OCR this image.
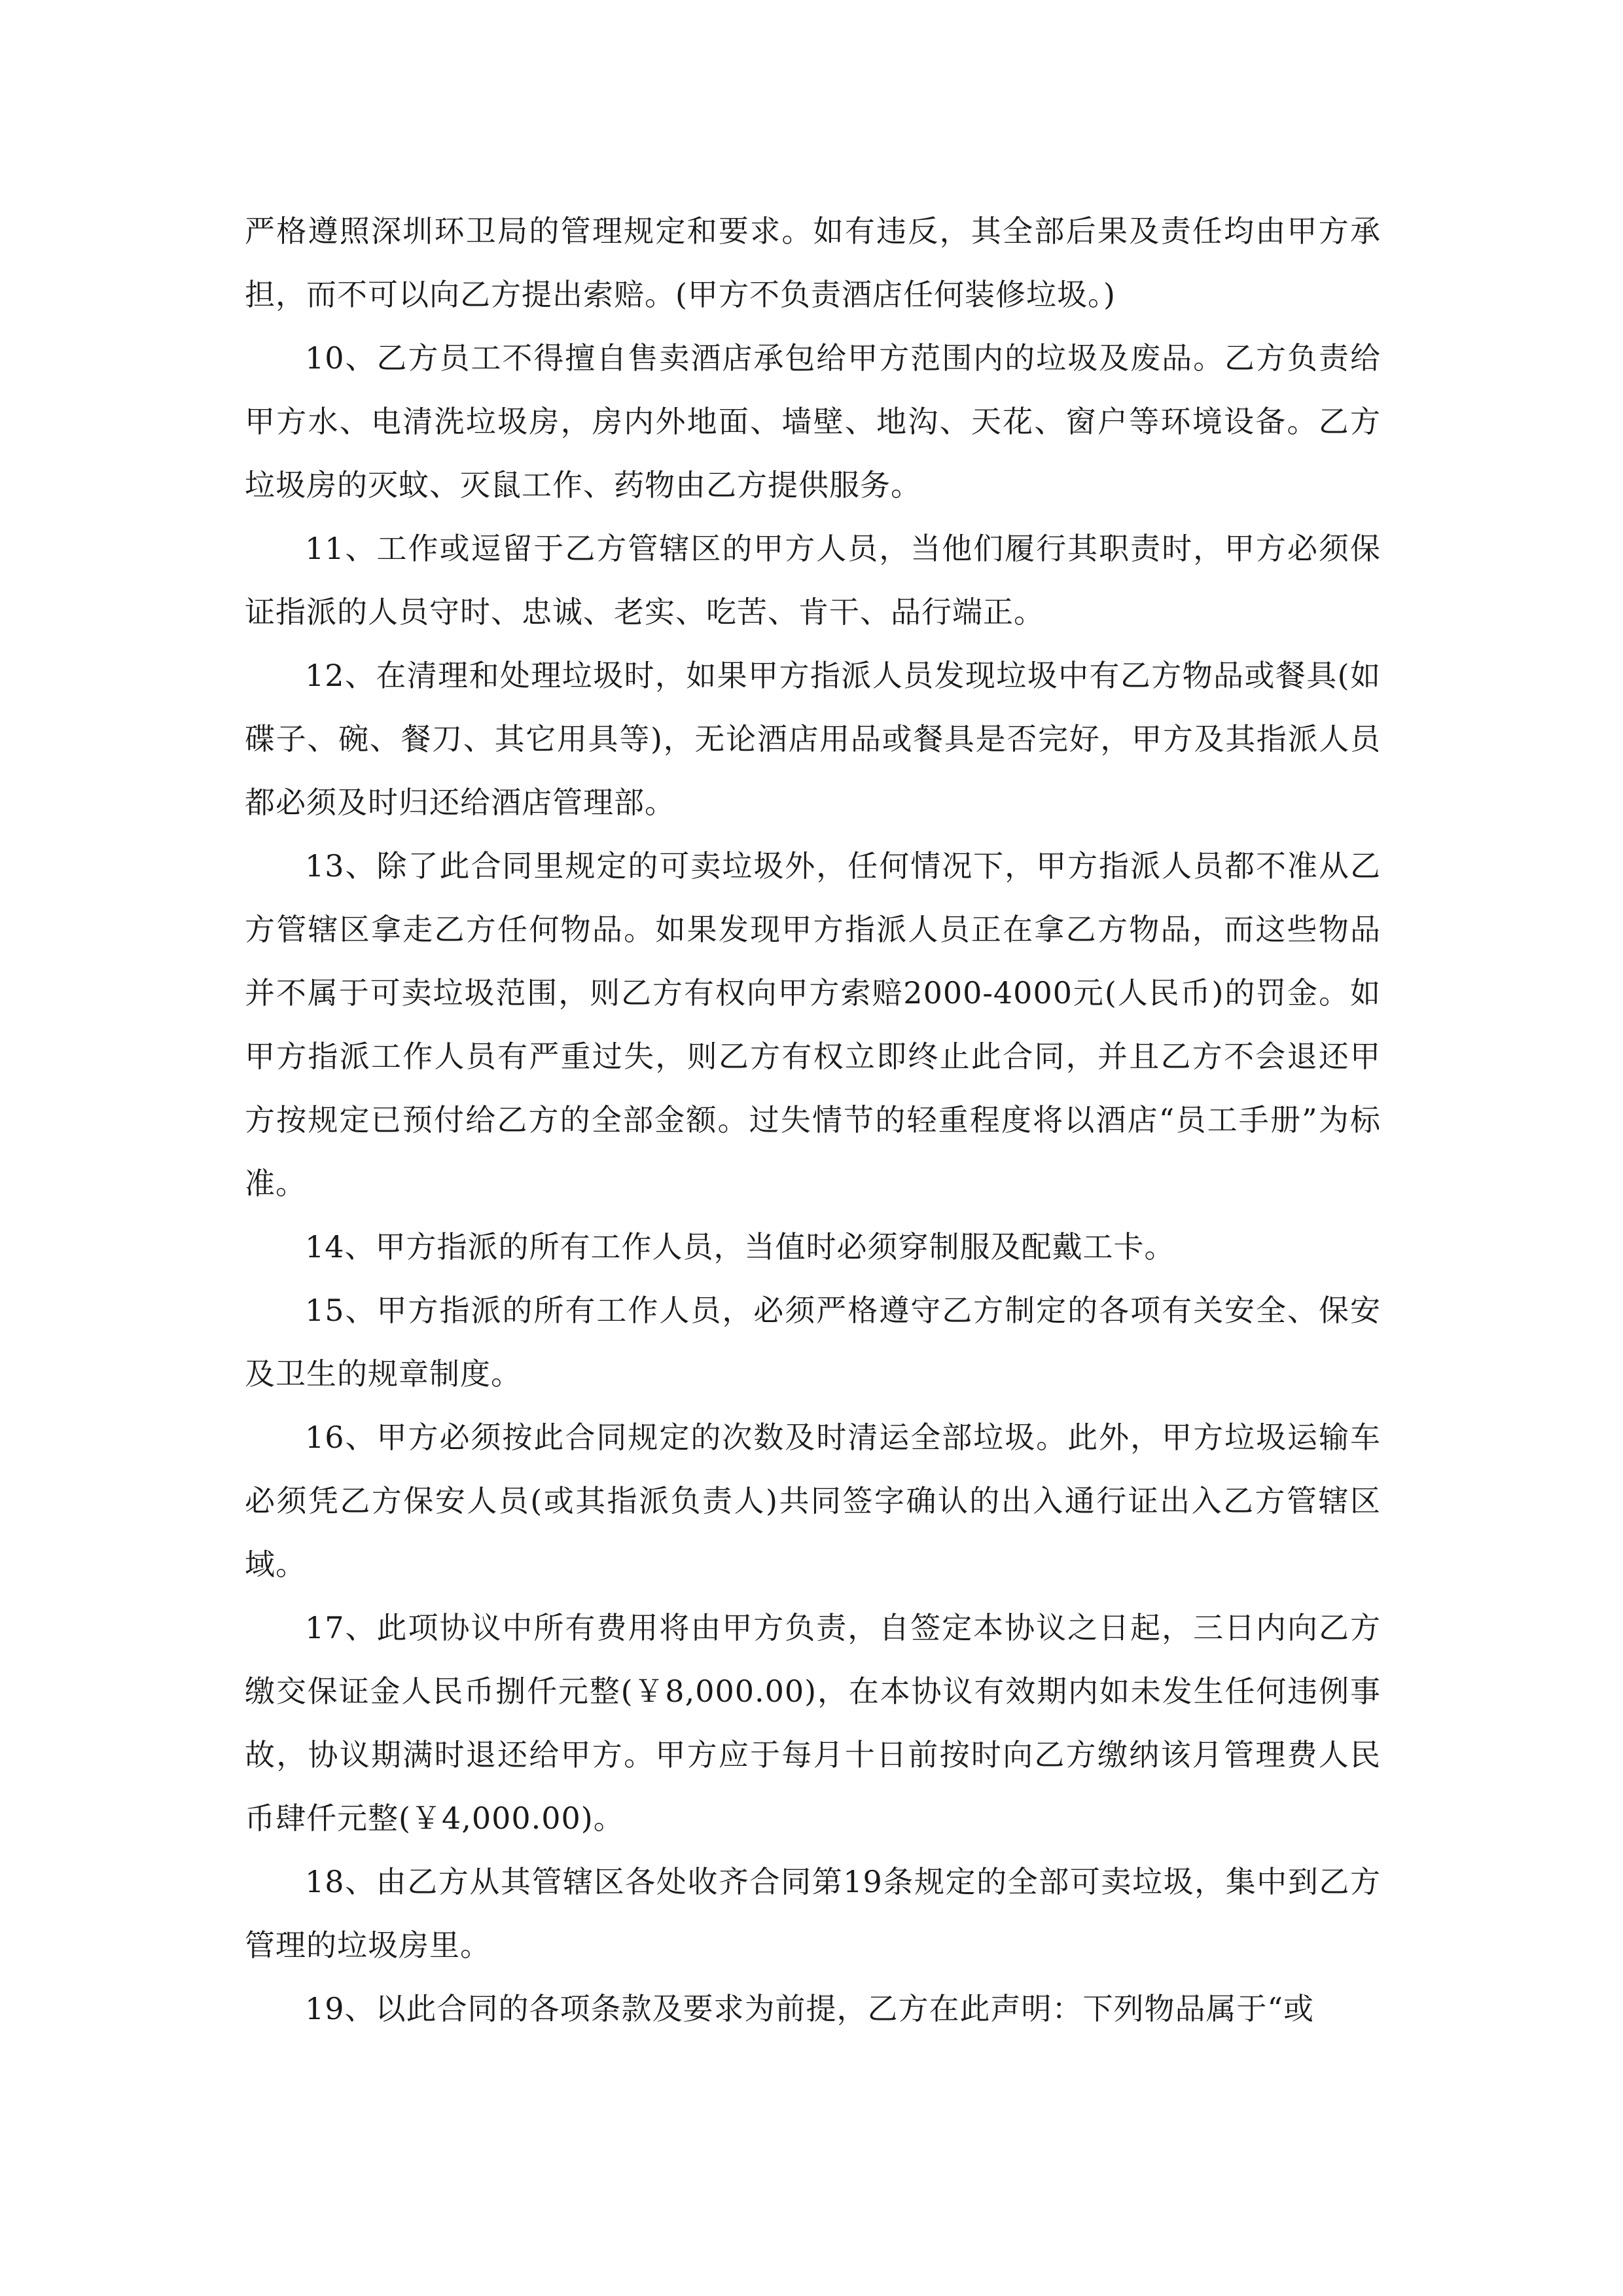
严格遵照深圳环卫局的管理规定和要求。如有违反，其全部后果及责任均由甲方承担，而不可以向乙方提出索赔。(甲方不负责酒店任何装修垃圾。)

10、乙方员工不得擅自售卖酒店承包给甲方范围内的垃圾及废品。乙方负责给甲方水、电清洗垃圾房，房内外地面、墙壁、地沟、天花、窗户等环境设备。乙方垃圾房的灭蚊、灭鼠工作、药物由乙方提供服务。

11、工作或逗留于乙方管辖区的甲方人员，当他们履行其职责时，甲方必须保证指派的人员守时、忠诚、老实、吃苦、肯干、品行端正。

12、在清理和处理垃圾时，如果甲方指派人员发现垃圾中有乙方物品或餐具(如碟子、碗、餐刀、其它用具等)，无论酒店用品或餐具是否完好，甲方及其指派人员都必须及时归还给酒店管理部。

13、除了此合同里规定的可卖垃圾外，任何情况下，甲方指派人员都不准从乙方管辖区拿走乙方任何物品。如果发现甲方指派人员正在拿乙方物品，而这些物品并不属于可卖垃圾范围，则乙方有权向甲方索赔2000-4000元(人民币)的罚金。如甲方指派工作人员有严重过失，则乙方有权立即终止此合同，并且乙方不会退还甲方按规定已预付给乙方的全部金额。过失情节的轻重程度将以酒店“员工手册”为标准。

14、甲方指派的所有工作人员，当值时必须穿制服及配戴工卡。

15、甲方指派的所有工作人员，必须严格遵守乙方制定的各项有关安全、保安及卫生的规章制度。

16、甲方必须按此合同规定的次数及时清运全部垃圾。此外，甲方垃圾运输车必须凭乙方保安人员(或其指派负责人)共同签字确认的出入通行证出入乙方管辖区域。

17、此项协议中所有费用将由甲方负责，自签定本协议之日起，三日内向乙方缴交保证金人民币捌仟元整(￥8,000.00)，在本协议有效期内如未发生任何违例事故，协议期满时退还给甲方。甲方应于每月十日前按时向乙方缴纳该月管理费人民币肆仟元整(￥4,000.00)。

18、由乙方从其管辖区各处收齐合同第19条规定的全部可卖垃圾，集中到乙方管理的垃圾房里。

19、以此合同的各项条款及要求为前提，乙方在此声明：下列物品属于“或
